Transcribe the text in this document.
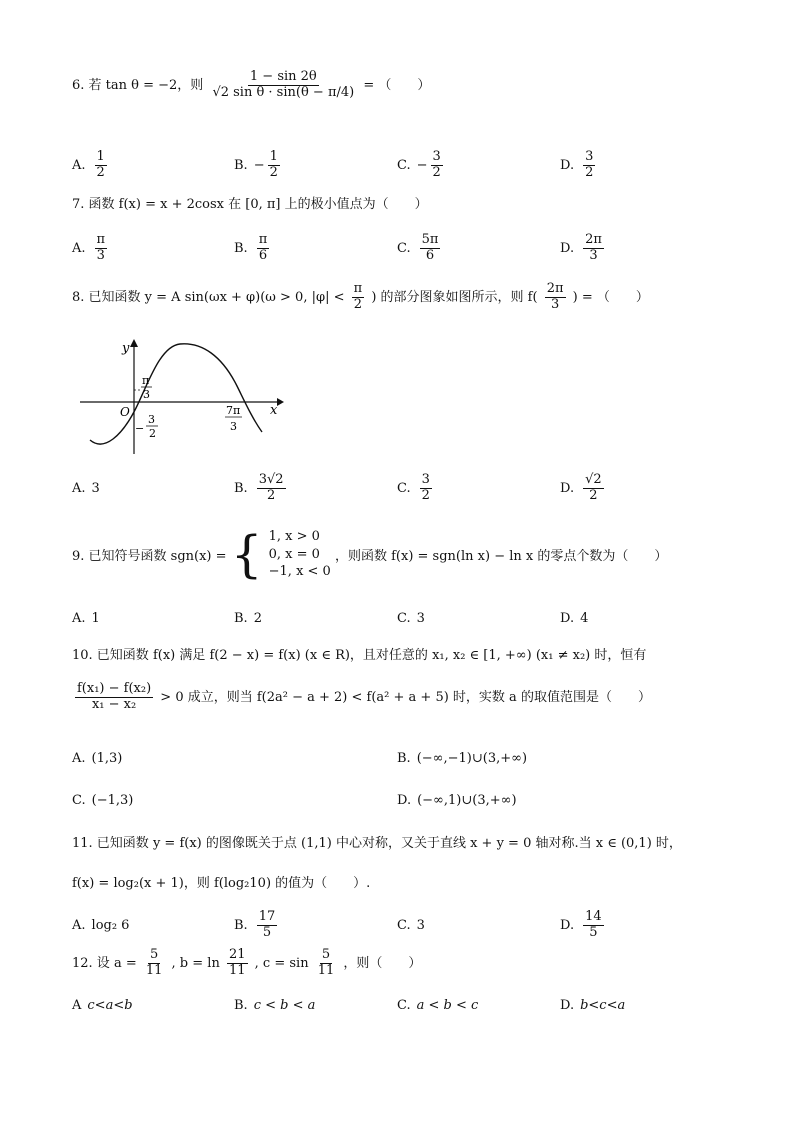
6. 若 tan θ = −2，则 $\frac{1 - \sin 2\theta}{\text{√2 sin θ · sin(θ − π/4)}}$ = （　　）
A. $\frac{1}{2}$	B. − $\frac{1}{2}$	C. − $\frac{3}{2}$	D. $\frac{3}{2}$
7. 函数 f(x) = x + 2cosx 在 [0, π] 上的极小值点为（　　）
A. $\frac{\pi}{3}$	B. $\frac{\pi}{6}$	C. $\frac{5\pi}{6}$	D. $\frac{2\pi}{3}$
8. 已知函数 y = A sin(ωx + φ)(ω > 0, $|\varphi| < \frac{\pi}{2}$ ) 的部分图象如图所示，则 $f( \frac{2\pi}{3}$ ) = （　　）
y
x
O
π
3
−
3
2
7π
3
A. 3	B. $\frac{3√2}{2}$	C. $\frac{3}{2}$	D. $\frac{√2}{2}$
9. 已知符号函数 sgn(x) = { 1, x > 0
0, x = 0
−1, x < 0
，则函数 f(x) = sgn(ln x) − ln x 的零点个数为（　　）
A. 1	B. 2	C. 3	D. 4
10. 已知函数 f(x) 满足 f(2 − x) = f(x) (x ∈ R)，且对任意的 x₁, x₂ ∈ [1, +∞) (x₁ ≠ x₂) 时，恒有
$\frac{\text{f(x₁) − f(x₂)}}{\text{x₁ − x₂}} > 0$ 成立，则当 f(2a² − a + 2) < f(a² + a + 5) 时，实数 a 的取值范围是（　　）
A. (1,3)	B. (−∞,−1)∪(3,+∞)
C. (−1,3)	D. (−∞,1)∪(3,+∞)
11. 已知函数 y = f(x) 的图像既关于点 (1,1) 中心对称，又关于直线 x + y = 0 轴对称.当 x ∈ (0,1) 时，
f(x) = log₂(x + 1)，则 f(log₂10) 的值为（　　）.
A. log₂ 6	B. $\frac{17}{5}$	C. 3	D. $\frac{14}{5}$
12. 设 $a = \frac{5}{11}$ , $b = \ln \frac{21}{11}$ , $c = \sin \frac{5}{11}$ ，则（　　）
A c<a<b	B. c < b < a	C. a < b < c	D. b<c<a
